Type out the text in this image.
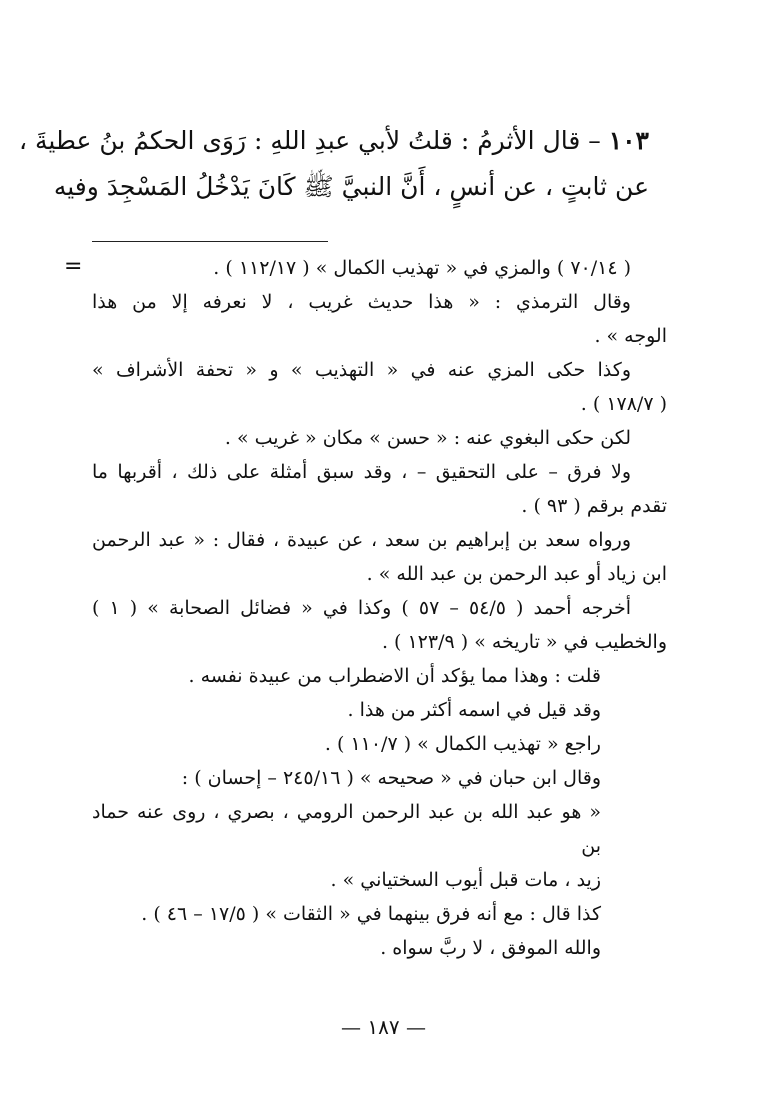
١٠٣ – قال الأثرمُ : قلتُ لأبي عبدِ اللهِ : رَوَى الحكمُ بنُ عطيةَ ،
عن ثابتٍ ، عن أنسٍ ، أَنَّ النبيَّ ﷺ كَانَ يَدْخُلُ المَسْجِدَ وفيه
=	( ٧٠/١٤ ) والمزي في « تهذيب الكمال » ( ١١٢/١٧ ) .
وقال الترمذي : « هذا حديث غريب ، لا نعرفه إلا من هذا
الوجه » .
وكذا حكى المزي عنه في « التهذيب » و « تحفة الأشراف »
( ١٧٨/٧ ) .
لكن حكى البغوي عنه : « حسن » مكان « غريب » .
ولا فرق – على التحقيق – ، وقد سبق أمثلة على ذلك ، أقربها ما
تقدم برقم ( ٩٣ ) .
ورواه سعد بن إبراهيم بن سعد ، عن عبيدة ، فقال : « عبد الرحمن
ابن زياد أو عبد الرحمن بن عبد الله » .
أخرجه أحمد ( ٥٤/٥ – ٥٧ ) وكذا في « فضائل الصحابة » ( ١ )
والخطيب في « تاريخه » ( ١٢٣/٩ ) .
قلت : وهذا مما يؤكد أن الاضطراب من عبيدة نفسه .
وقد قيل في اسمه أكثر من هذا .
راجع « تهذيب الكمال » ( ١١٠/٧ ) .
وقال ابن حبان في « صحيحه » ( ٢٤٥/١٦ – إحسان ) :
« هو عبد الله بن عبد الرحمن الرومي ، بصري ، روى عنه حماد بن
زيد ، مات قبل أيوب السختياني » .
كذا قال : مع أنه فرق بينهما في « الثقات » ( ١٧/٥ – ٤٦ ) .
والله الموفق ، لا ربَّ سواه .
— ١٨٧ —
